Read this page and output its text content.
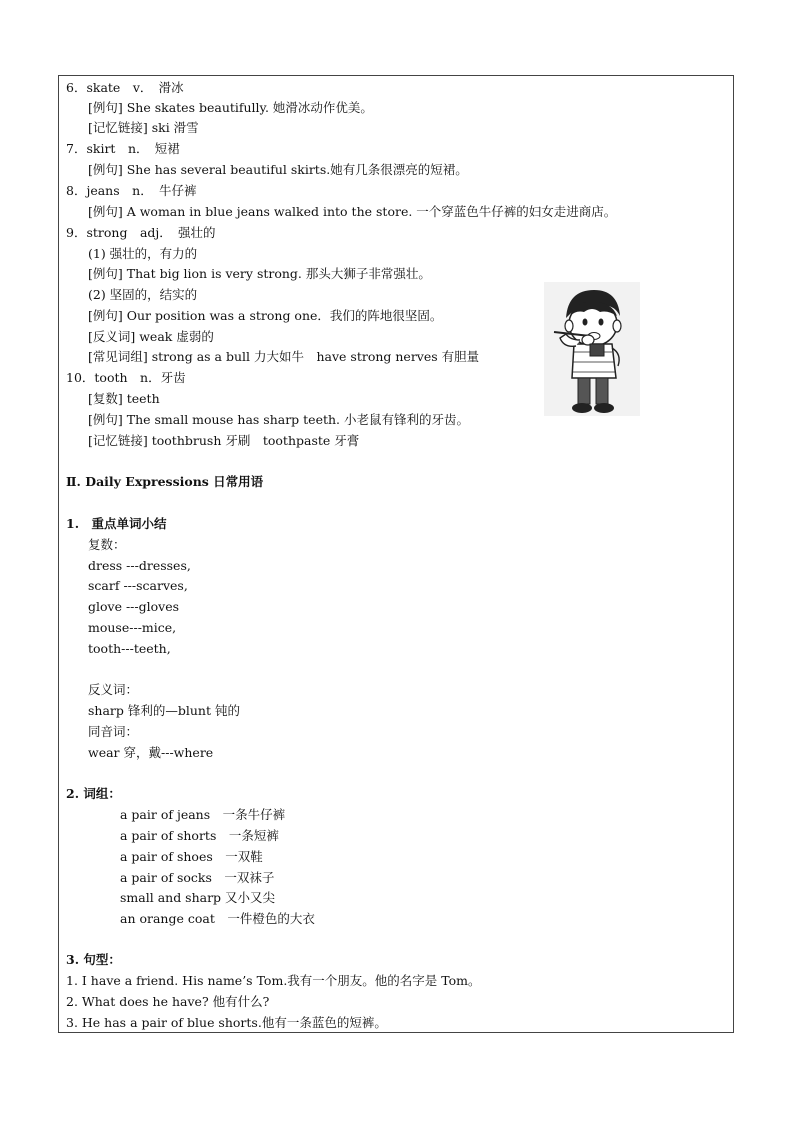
6．skate　v．　滑冰
[例句] She skates beautifully. 她滑冰动作优美。
[记忆链接] ski 滑雪
7．skirt　n．　短裙
[例句] She has several beautiful skirts.她有几条很漂亮的短裙。
8．jeans　n．　牛仔裤
[例句] A woman in blue jeans walked into the store. 一个穿蓝色牛仔裤的妇女走进商店。
9．strong　adj．　强壮的
(1) 强壮的，有力的
[例句] That big lion is very strong. 那头大狮子非常强壮。
(2) 坚固的，结实的
[例句] Our position was a strong one．我们的阵地很坚固。
[反义词] weak 虚弱的
[常见词组] strong as a bull 力大如牛　have strong nerves 有胆量
10．tooth　n．牙齿
[复数] teeth
[例句] The small mouse has sharp teeth. 小老鼠有锋利的牙齿。
[记忆链接] toothbrush 牙刷　toothpaste 牙膏
Ⅱ. Daily Expressions 日常用语
1.　重点单词小结
复数：
dress ---dresses,
scarf ---scarves,
glove ---gloves
mouse---mice,
tooth---teeth,
反义词：
sharp 锋利的—blunt 钝的
同音词：
wear 穿，戴---where
2. 词组：
a pair of jeans　一条牛仔裤
a pair of shorts　一条短裤
a pair of shoes　一双鞋
a pair of socks　一双袜子
small and sharp 又小又尖
an orange coat　一件橙色的大衣
3. 句型：
1. I have a friend. His name’s Tom.我有一个朋友。他的名字是 Tom。
2. What does he have? 他有什么?
3. He has a pair of blue shorts.他有一条蓝色的短裤。
